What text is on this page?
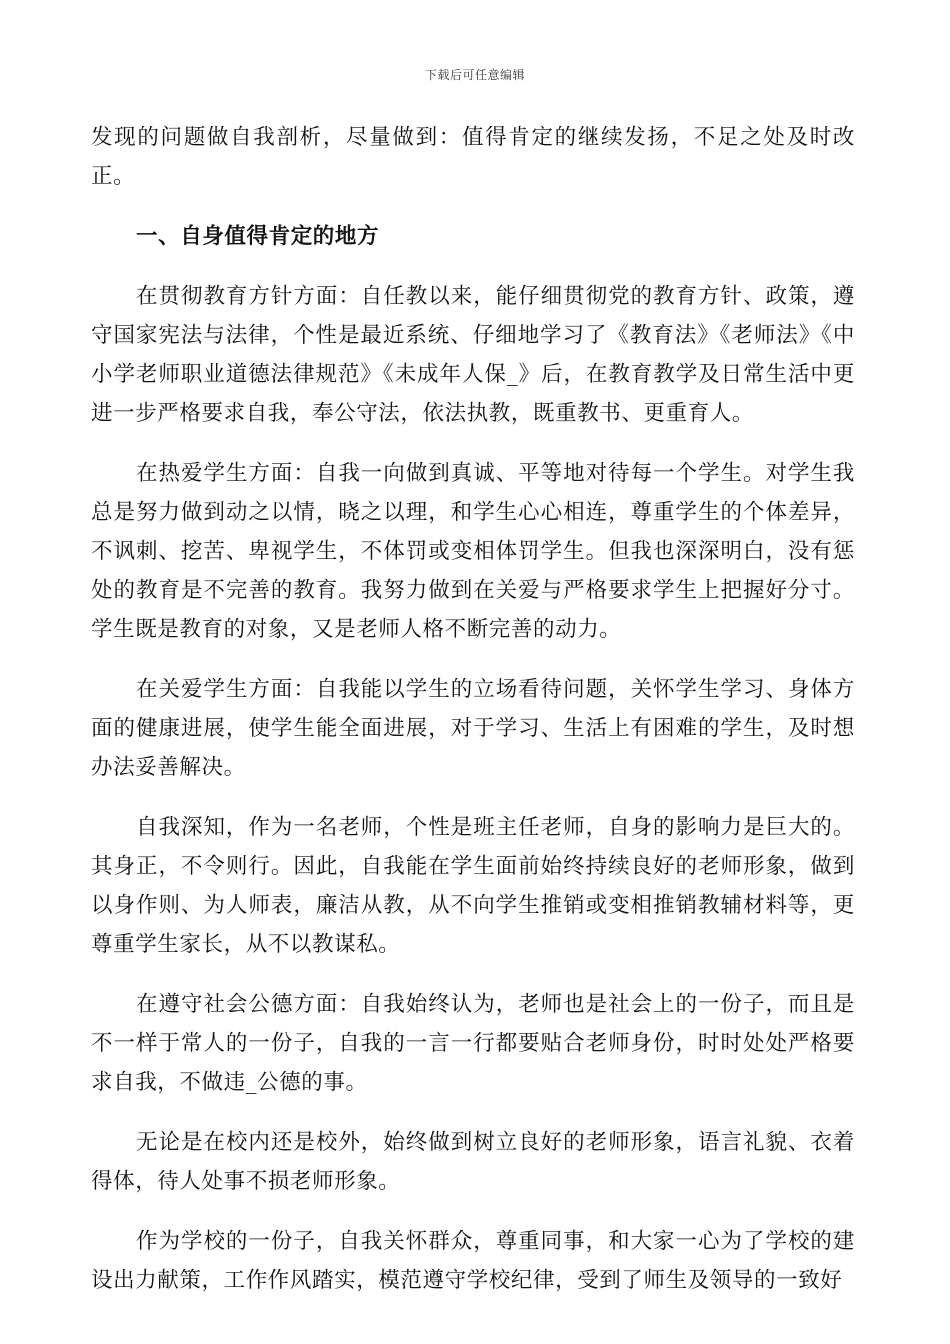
下载后可任意编辑

发现的问题做自我剖析，尽量做到：值得肯定的继续发扬，不足之处及时改正。

一、自身值得肯定的地方

在贯彻教育方针方面：自任教以来，能仔细贯彻党的教育方针、政策，遵守国家宪法与法律，个性是最近系统、仔细地学习了《教育法》《老师法》《中小学老师职业道德法律规范》《未成年人保_》后，在教育教学及日常生活中更进一步严格要求自我，奉公守法，依法执教，既重教书、更重育人。

在热爱学生方面：自我一向做到真诚、平等地对待每一个学生。对学生我总是努力做到动之以情，晓之以理，和学生心心相连，尊重学生的个体差异，不讽刺、挖苦、卑视学生，不体罚或变相体罚学生。但我也深深明白，没有惩处的教育是不完善的教育。我努力做到在关爱与严格要求学生上把握好分寸。学生既是教育的对象，又是老师人格不断完善的动力。

在关爱学生方面：自我能以学生的立场看待问题，关怀学生学习、身体方面的健康进展，使学生能全面进展，对于学习、生活上有困难的学生，及时想办法妥善解决。

自我深知，作为一名老师，个性是班主任老师，自身的影响力是巨大的。其身正，不令则行。因此，自我能在学生面前始终持续良好的老师形象，做到以身作则、为人师表，廉洁从教，从不向学生推销或变相推销教辅材料等，更尊重学生家长，从不以教谋私。

在遵守社会公德方面：自我始终认为，老师也是社会上的一份子，而且是不一样于常人的一份子，自我的一言一行都要贴合老师身份，时时处处严格要求自我，不做违_公德的事。

无论是在校内还是校外，始终做到树立良好的老师形象，语言礼貌、衣着得体，待人处事不损老师形象。

作为学校的一份子，自我关怀群众，尊重同事，和大家一心为了学校的建设出力献策，工作作风踏实，模范遵守学校纪律，受到了师生及领导的一致好
